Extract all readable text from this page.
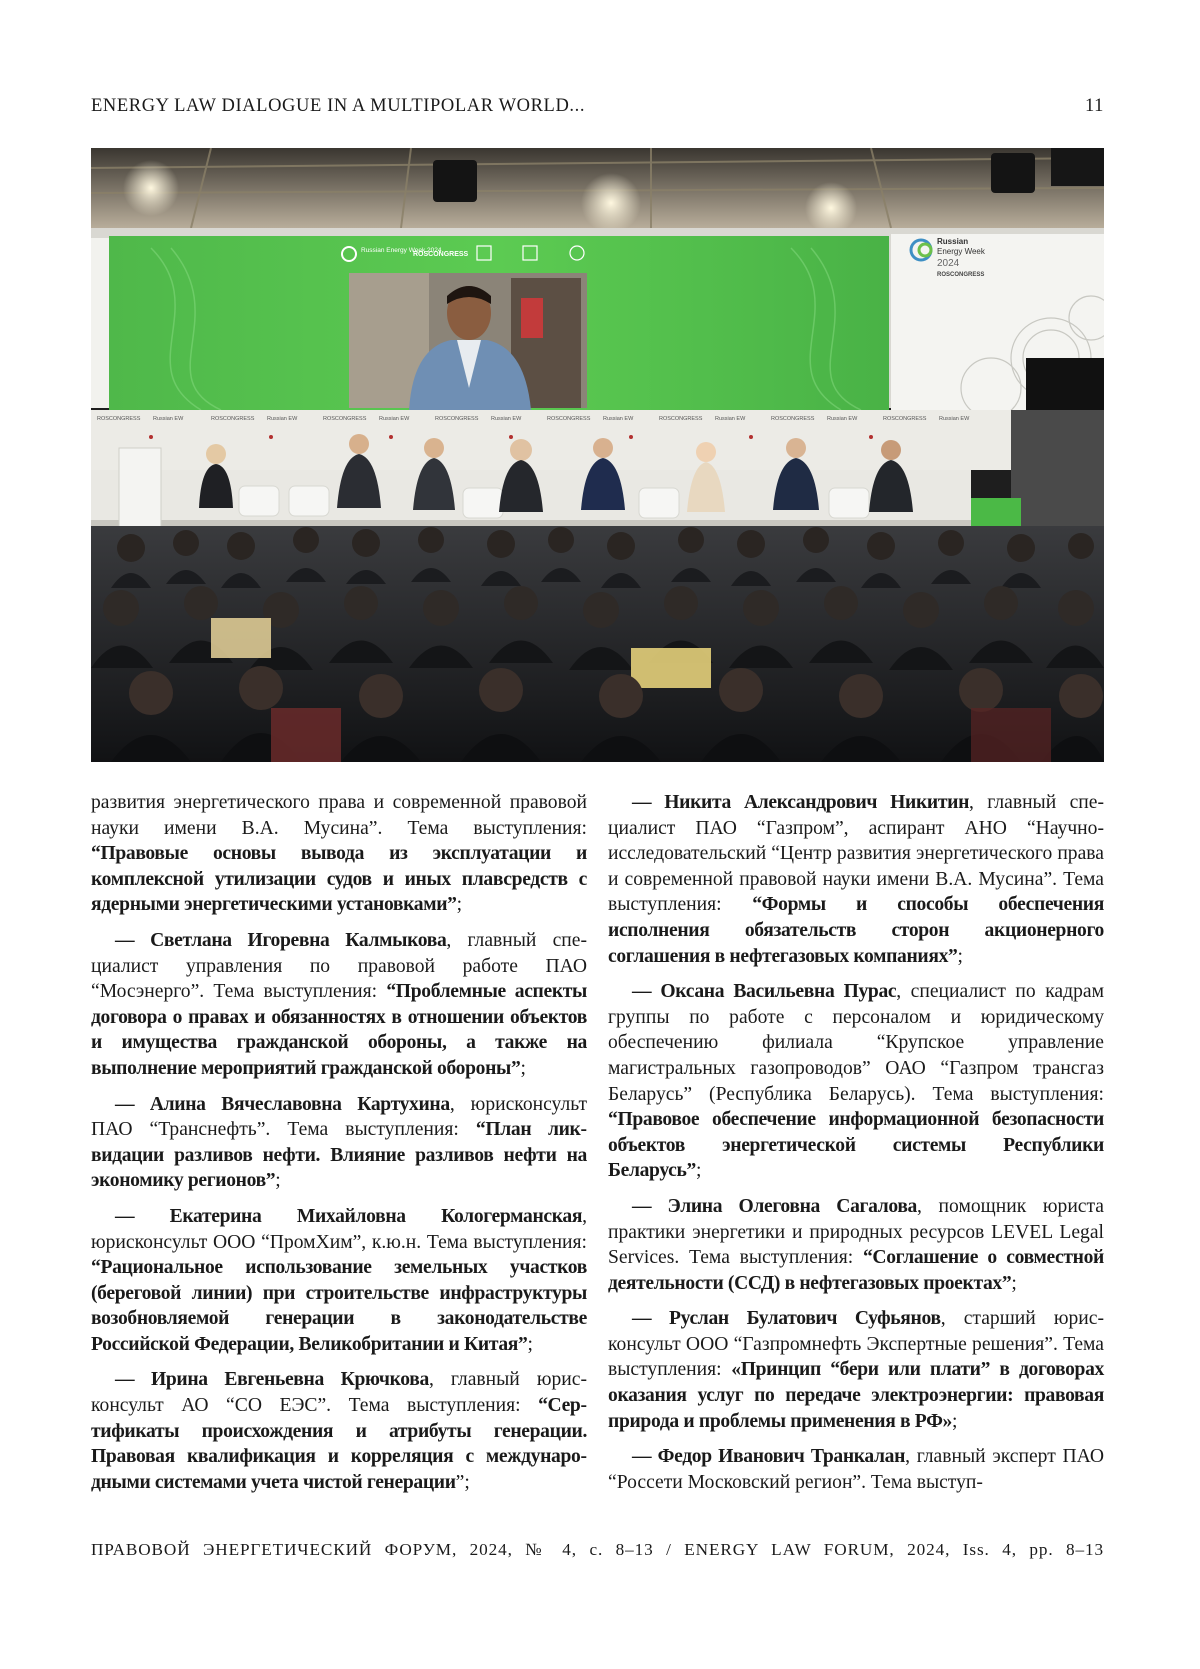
ENERGY LAW DIALOGUE IN A MULTIPOLAR WORLD...	11
Russian Energy Week 2024
ROSCONGRESS
Russian
Energy Week
2024
ROSCONGRESS
ROSCONGRESS Russian EW	ROSCONGRESS Russian EW	ROSCONGRESS Russian EW	ROSCONGRESS Russian EW	ROSCONGRESS Russian EW	ROSCONGRESS Russian EW	ROSCONGRESS Russian EW	ROSCONGRESS Russian EW

развития энергетического права и современной правовой науки имени В.А. Мусина”. Тема выступления: “Правовые основы вывода из эксплуатации и комплексной утилизации судов и иных плавсредств с ядерными энергетическими установками”;

— Светлана Игоревна Калмыкова, главный специалист управления по правовой работе ПАО “Мосэнерго”. Тема выступления: “Проблемные аспекты договора о правах и обязанностях в отношении объектов и имущества гражданской обороны, а также на выполнение мероприятий гражданской обороны”;

— Алина Вячеславовна Картухина, юрисконсульт ПАО “Транснефть”. Тема выступления: “План ликвидации разливов нефти. Влияние разливов нефти на экономику регионов”;

— Екатерина Михайловна Кологерманская, юрисконсульт ООО “ПромХим”, к.ю.н. Тема выступления: “Рациональное использование земельных участков (береговой линии) при строительстве инфраструктуры возобновляемой генерации в законодательстве Российской Федерации, Великобритании и Китая”;

— Ирина Евгеньевна Крючкова, главный юрисконсульт АО “СО ЕЭС”. Тема выступления: “Сертификаты происхождения и атрибуты генерации. Правовая квалификация и корреляция с международными системами учета чистой генерации”;

— Никита Александрович Никитин, главный специалист ПАО “Газпром”, аспирант АНО “Научно-исследовательский “Центр развития энергетического права и современной правовой науки имени В.А. Мусина”. Тема выступления: “Формы и способы обеспечения исполнения обязательств сторон акционерного соглашения в нефтегазовых компаниях”;

— Оксана Васильевна Пурас, специалист по кадрам группы по работе с персоналом и юридическому обеспечению филиала “Крупское управление магистральных газопроводов” ОАО “Газпром трансгаз Беларусь” (Республика Беларусь). Тема выступления: “Правовое обеспечение информационной безопасности объектов энергетической системы Республики Беларусь”;

— Элина Олеговна Сагалова, помощник юриста практики энергетики и природных ресурсов LEVEL Legal Services. Тема выступления: “Соглашение о совместной деятельности (ССД) в нефтегазовых проектах”;

— Руслан Булатович Суфьянов, старший юрисконсульт ООО “Газпромнефть Экспертные решения”. Тема выступления: «Принцип “бери или плати” в договорах оказания услуг по передаче электроэнергии: правовая природа и проблемы применения в РФ»;

— Федор Иванович Транкалан, главный эксперт ПАО “Россети Московский регион”. Тема выступ-

ПРАВОВОЙ ЭНЕРГЕТИЧЕСКИЙ ФОРУМ, 2024, № 4, с. 8–13 / ENERGY LAW FORUM, 2024, Iss. 4, pp. 8–13
